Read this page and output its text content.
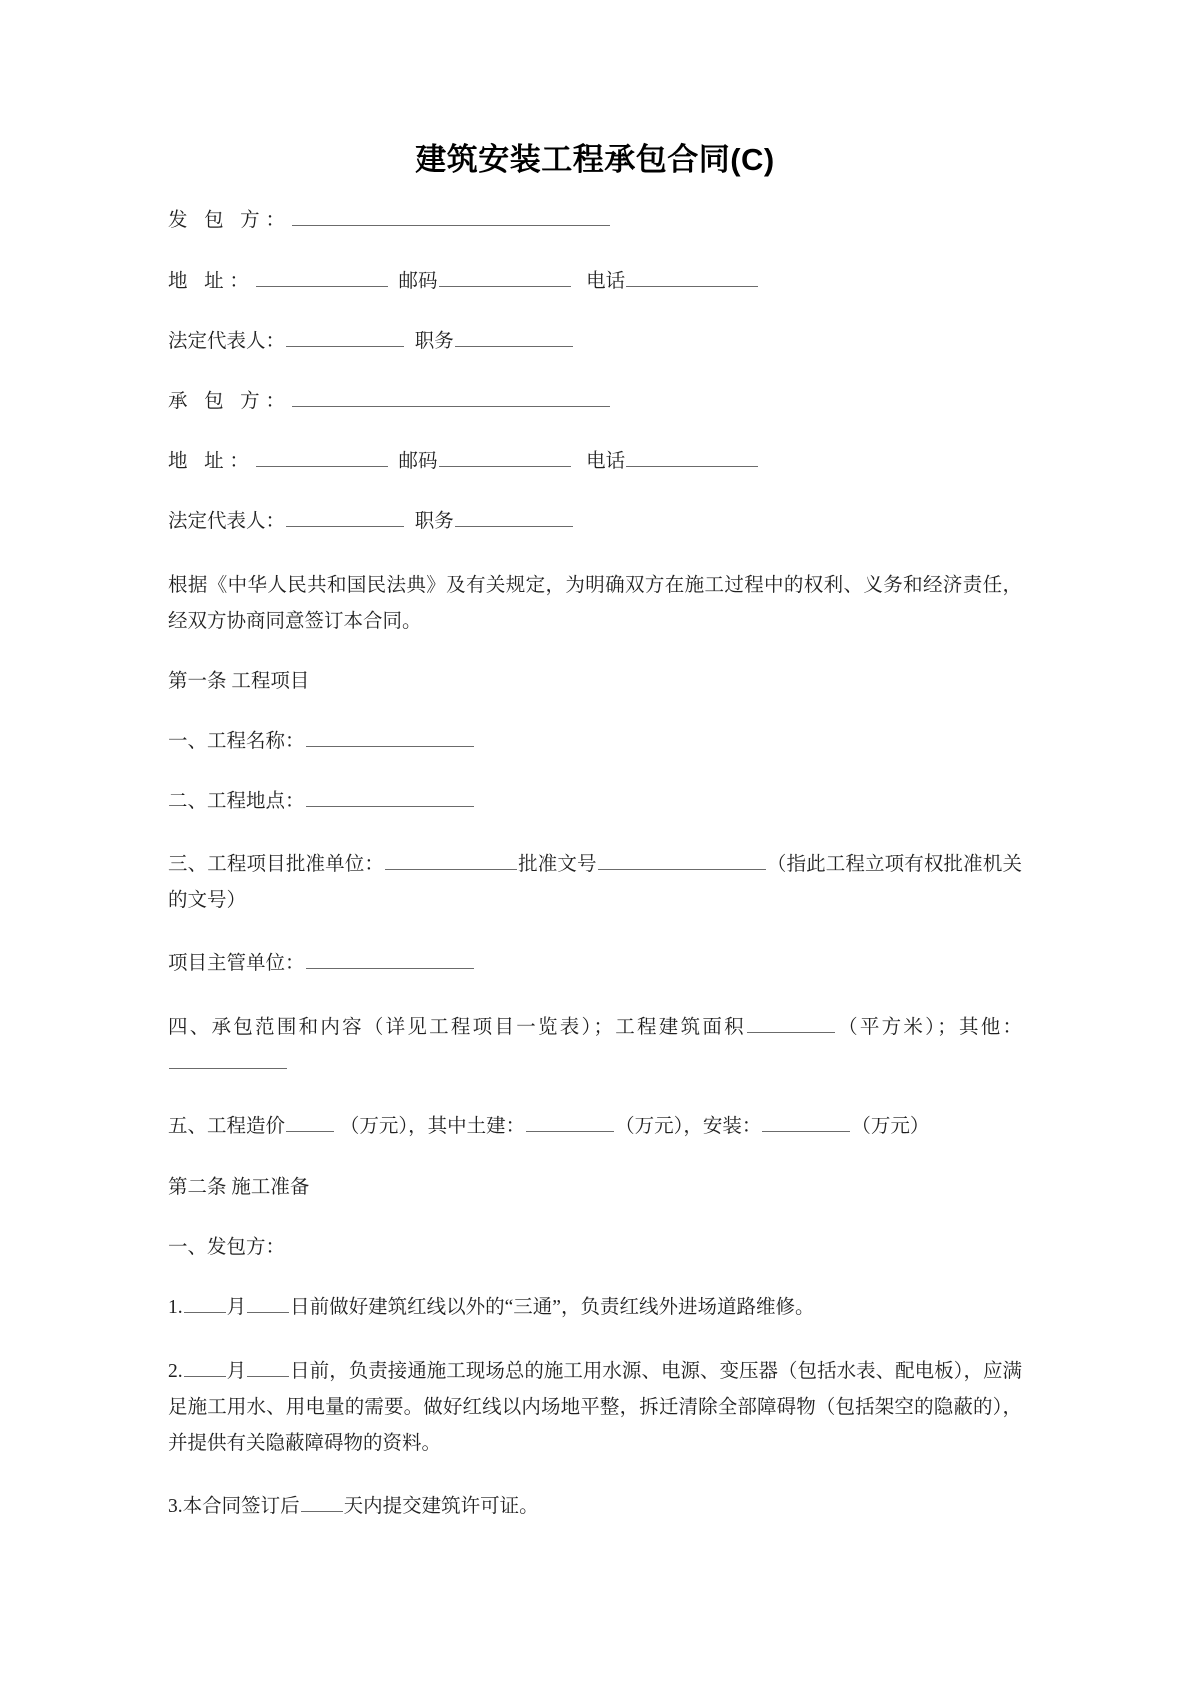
建筑安装工程承包合同(C)

发 包 方：

地 址：	邮码	电话

法定代表人：	职务

承 包 方：

地 址：	邮码	电话

法定代表人：	职务

根据《中华人民共和国民法典》及有关规定，为明确双方在施工过程中的权利、义务和经济责任，经双方协商同意签订本合同。

第一条 工程项目

一、工程名称：

二、工程地点：

三、工程项目批准单位：	批准文号	（指此工程立项有权批准机关的文号）

项目主管单位：

四、承包范围和内容（详见工程项目一览表）；工程建筑面积	（平方米）；其他：

五、工程造价	（万元），其中土建：	（万元），安装：	（万元）

第二条 施工准备

一、发包方：

1. 月 日前做好建筑红线以外的“三通”，负责红线外进场道路维修。

2. 月 日前，负责接通施工现场总的施工用水源、电源、变压器（包括水表、配电板），应满足施工用水、用电量的需要。做好红线以内场地平整，拆迁清除全部障碍物（包括架空的隐蔽的），并提供有关隐蔽障碍物的资料。

3.本合同签订后 天内提交建筑许可证。
